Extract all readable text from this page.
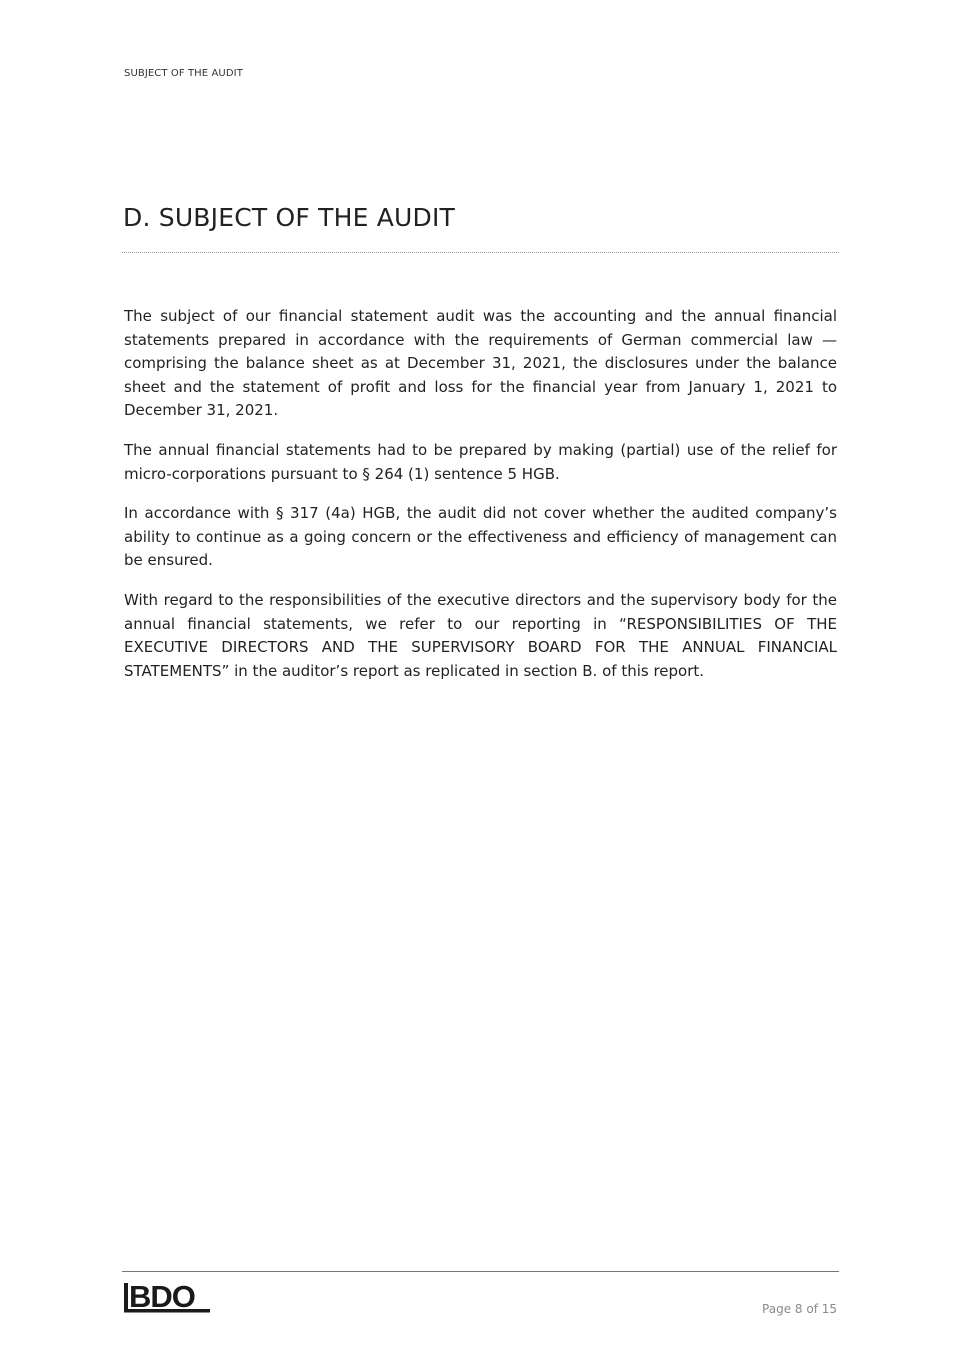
SUBJECT OF THE AUDIT
D. SUBJECT OF THE AUDIT

The subject of our financial statement audit was the accounting and the annual financial statements prepared in accordance with the requirements of German commercial law — comprising the balance sheet as at December 31, 2021, the disclosures under the balance sheet and the statement of profit and loss for the financial year from January 1, 2021 to December 31, 2021.

The annual financial statements had to be prepared by making (partial) use of the relief for micro-corporations pursuant to § 264 (1) sentence 5 HGB.

In accordance with § 317 (4a) HGB, the audit did not cover whether the audited company’s ability to continue as a going concern or the effectiveness and efficiency of management can be ensured.

With regard to the responsibilities of the executive directors and the supervisory body for the annual financial statements, we refer to our reporting in “RESPONSIBILITIES OF THE EXECUTIVE DIRECTORS AND THE SUPERVISORY BOARD FOR THE ANNUAL FINANCIAL STATEMENTS” in the auditor’s report as replicated in section B. of this report.

BDO	Page 8 of 15
